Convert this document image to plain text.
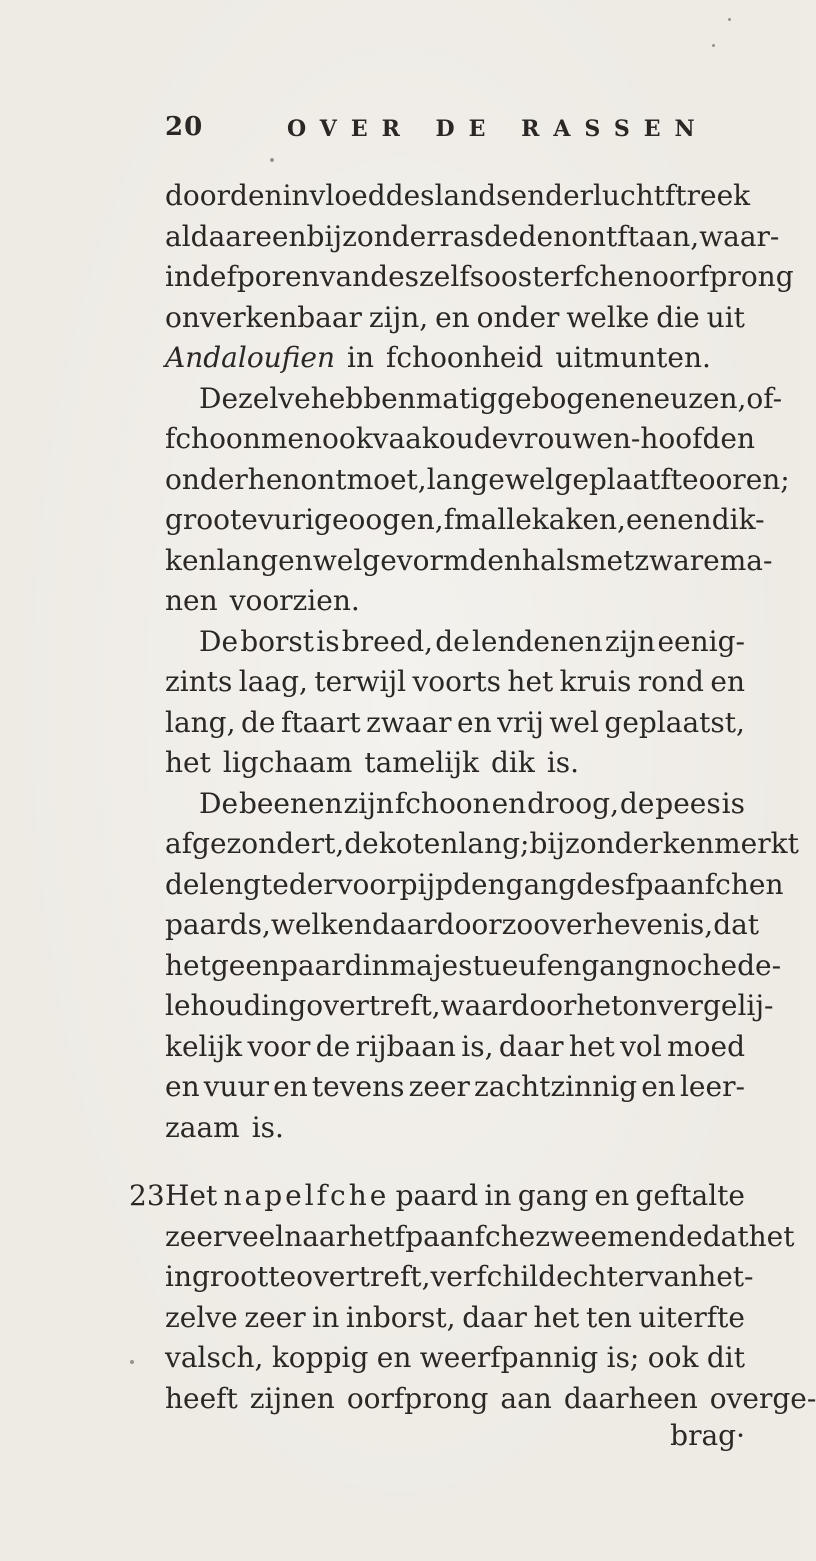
20	OVER DE RASSEN
door den invloed des lands en der luchtftreek
aldaar een bijzonder ras deden ontftaan, waar-
in de fporen van deszelfs oosterfchen oorfprong
onverkenbaar zijn, en onder welke die uit
Andaloufien in fchoonheid uitmunten.
Dezelve hebben matig gebogene neuzen, of-
fchoon men ook vaak oude vrouwen-hoofden
onder hen ontmoet, lange wel geplaatfte ooren;
groote vurige oogen, fmalle kaken, eenen dik-
ken langen welgevormden hals met zware ma-
nen voorzien.
De borst is breed, de lendenen zijn eenig-
zints laag, terwijl voorts het kruis rond en
lang, de ftaart zwaar en vrij wel geplaatst,
het ligchaam tamelijk dik is.
De beenen zijn fchoon en droog, de pees is
afgezondert, de koten lang; bijzonder kenmerkt
de lengte der voorpijp den gang des fpaanfchen
paards, welken daardoor zoo verheven is, dat
het geen paard in majestueufen gang noch ede-
le houding overtreft, waardoor het onvergelij-
kelijk voor de rijbaan is, daar het vol moed
en vuur en tevens zeer zachtzinnig en leer-
zaam is.
23 Het napelfche paard in gang en geftalte
zeer veel naar het fpaanfche zweemende dat het
in grootte overtreft, verfchild echter van het-
zelve zeer in inborst, daar het ten uiterfte
valsch, koppig en weerfpannig is; ook dit
heeft zijnen oorfprong aan daarheen overge-
brag·
